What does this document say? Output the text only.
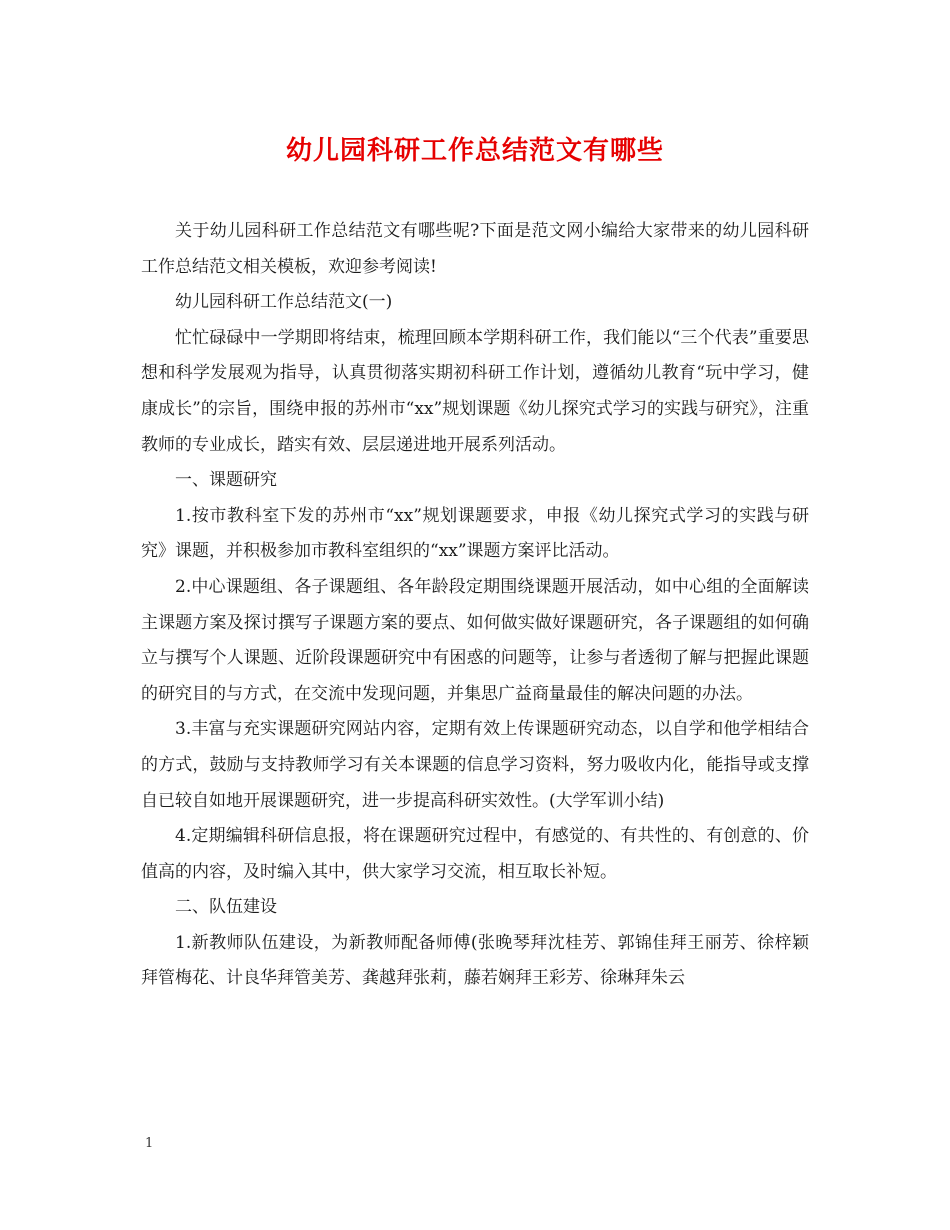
幼儿园科研工作总结范文有哪些

关于幼儿园科研工作总结范文有哪些呢?下面是范文网小编给大家带来的幼儿园科研工作总结范文相关模板，欢迎参考阅读!

幼儿园科研工作总结范文(一)

忙忙碌碌中一学期即将结束，梳理回顾本学期科研工作，我们能以“三个代表”重要思想和科学发展观为指导，认真贯彻落实期初科研工作计划，遵循幼儿教育“玩中学习，健康成长”的宗旨，围绕申报的苏州市“xx”规划课题《幼儿探究式学习的实践与研究》，注重教师的专业成长，踏实有效、层层递进地开展系列活动。

一、课题研究

1.按市教科室下发的苏州市“xx”规划课题要求，申报《幼儿探究式学习的实践与研究》课题，并积极参加市教科室组织的“xx”课题方案评比活动。

2.中心课题组、各子课题组、各年龄段定期围绕课题开展活动，如中心组的全面解读主课题方案及探讨撰写子课题方案的要点、如何做实做好课题研究，各子课题组的如何确立与撰写个人课题、近阶段课题研究中有困惑的问题等，让参与者透彻了解与把握此课题的研究目的与方式，在交流中发现问题，并集思广益商量最佳的解决问题的办法。

3.丰富与充实课题研究网站内容，定期有效上传课题研究动态，以自学和他学相结合的方式，鼓励与支持教师学习有关本课题的信息学习资料，努力吸收内化，能指导或支撑自已较自如地开展课题研究，进一步提高科研实效性。(大学军训小结)

4.定期编辑科研信息报，将在课题研究过程中，有感觉的、有共性的、有创意的、价值高的内容，及时编入其中，供大家学习交流，相互取长补短。

二、队伍建设

1.新教师队伍建设，为新教师配备师傅(张晚琴拜沈桂芳、郭锦佳拜王丽芳、徐梓颖拜管梅花、计良华拜管美芳、龚越拜张莉，藤若娴拜王彩芳、徐琳拜朱云

1
